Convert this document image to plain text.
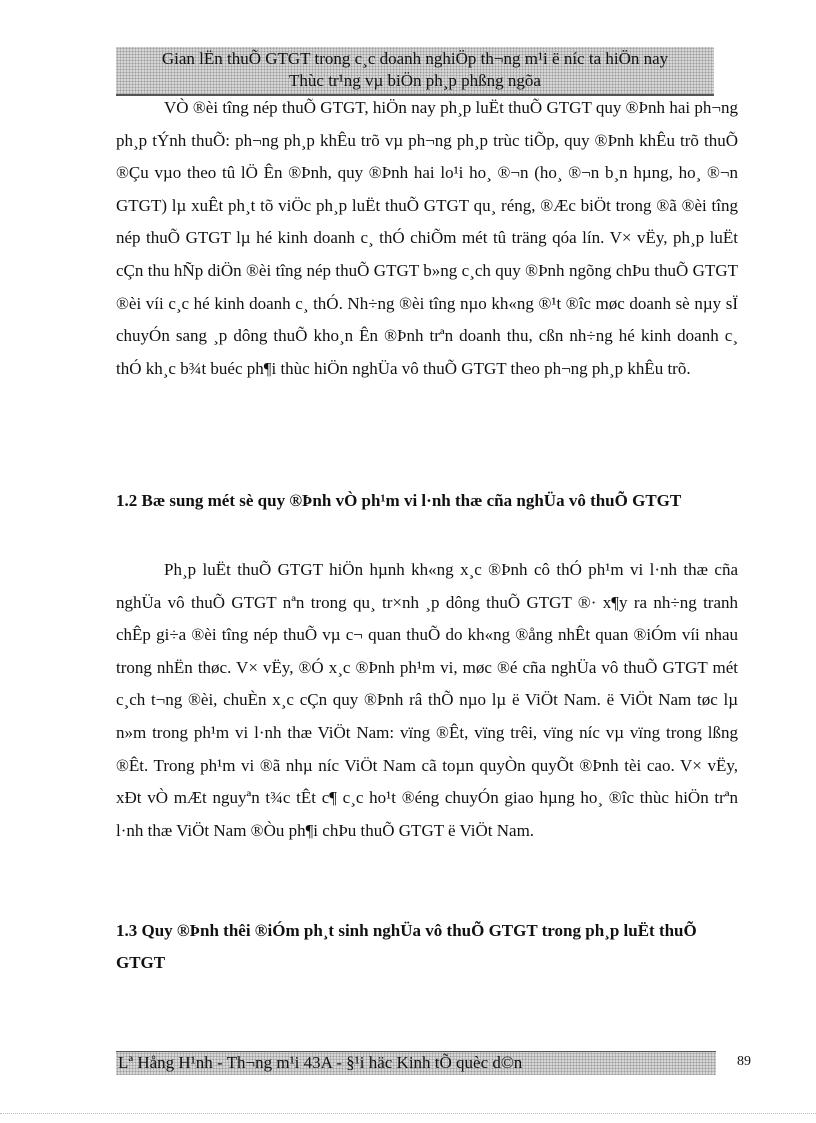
Gian lËn thuÕ GTGT trong c¸c doanh nghiÖp th¬ng m¹i ë níc ta hiÖn nay
Thùc tr¹ng vµ biÖn ph¸p phßng ngõa

VÒ ®èi tîng nép thuÕ GTGT, hiÖn nay ph¸p luËt thuÕ GTGT quy ®Þnh hai ph¬ng ph¸p tÝnh thuÕ: ph¬ng ph¸p khÊu trõ vµ ph¬ng ph¸p trùc tiÕp, quy ®Þnh khÊu trõ thuÕ ®Çu vµo theo tû lÖ Ên ®Þnh, quy ®Þnh hai lo¹i ho¸ ®¬n (ho¸ ®¬n b¸n hµng, ho¸ ®¬n GTGT) lµ xuÊt ph¸t tõ viÖc ph¸p luËt thuÕ GTGT qu¸ réng, ®Æc biÖt trong ®ã ®èi tîng nép thuÕ GTGT lµ hé kinh doanh c¸ thÓ chiÕm mét tû träng qóa lín. V× vËy, ph¸p luËt cÇn thu hÑp diÖn ®èi tîng nép thuÕ GTGT b»ng c¸ch quy ®Þnh ngõng chÞu thuÕ GTGT ®èi víi c¸c hé kinh doanh c¸ thÓ. Nh÷ng ®èi tîng nµo kh«ng ®¹t ®îc møc doanh sè nµy sÏ chuyÓn sang ¸p dông thuÕ kho¸n Ên ®Þnh trªn doanh thu, cßn nh÷ng hé kinh doanh c¸ thÓ kh¸c b¾t buéc ph¶i thùc hiÖn nghÜa vô thuÕ GTGT theo ph¬ng ph¸p khÊu trõ.

1.2 Bæ sung mét sè quy ®Þnh vÒ ph¹m vi l·nh thæ cña nghÜa vô thuÕ GTGT

Ph¸p luËt thuÕ GTGT hiÖn hµnh kh«ng x¸c ®Þnh cô thÓ ph¹m vi l·nh thæ cña nghÜa vô thuÕ GTGT nªn trong qu¸ tr×nh ¸p dông thuÕ GTGT ®· x¶y ra nh÷ng tranh chÊp gi÷a ®èi tîng nép thuÕ vµ c¬ quan thuÕ do kh«ng ®ång nhÊt quan ®iÓm víi nhau trong nhËn thøc. V× vËy, ®Ó x¸c ®Þnh ph¹m vi, møc ®é cña nghÜa vô thuÕ GTGT mét c¸ch t¬ng ®èi, chuÈn x¸c cÇn quy ®Þnh râ thÕ nµo lµ ë ViÖt Nam. ë ViÖt Nam tøc lµ n»m trong ph¹m vi l·nh thæ ViÖt Nam: vïng ®Êt, vïng trêi, vïng níc vµ vïng trong lßng ®Êt. Trong ph¹m vi ®ã nhµ níc ViÖt Nam cã toµn quyÒn quyÕt ®Þnh tèi cao. V× vËy, xÐt vÒ mÆt nguyªn t¾c tÊt c¶ c¸c ho¹t ®éng chuyÓn giao hµng ho¸ ®îc thùc hiÖn trªn l·nh thæ ViÖt Nam ®Òu ph¶i chÞu thuÕ GTGT ë ViÖt Nam.

1.3 Quy ®Þnh thêi ®iÓm ph¸t sinh nghÜa vô thuÕ GTGT trong ph¸p luËt thuÕ GTGT
Lª Hång H¹nh - Th¬ng m¹i 43A - §¹i häc Kinh tÕ quèc d©n	89
